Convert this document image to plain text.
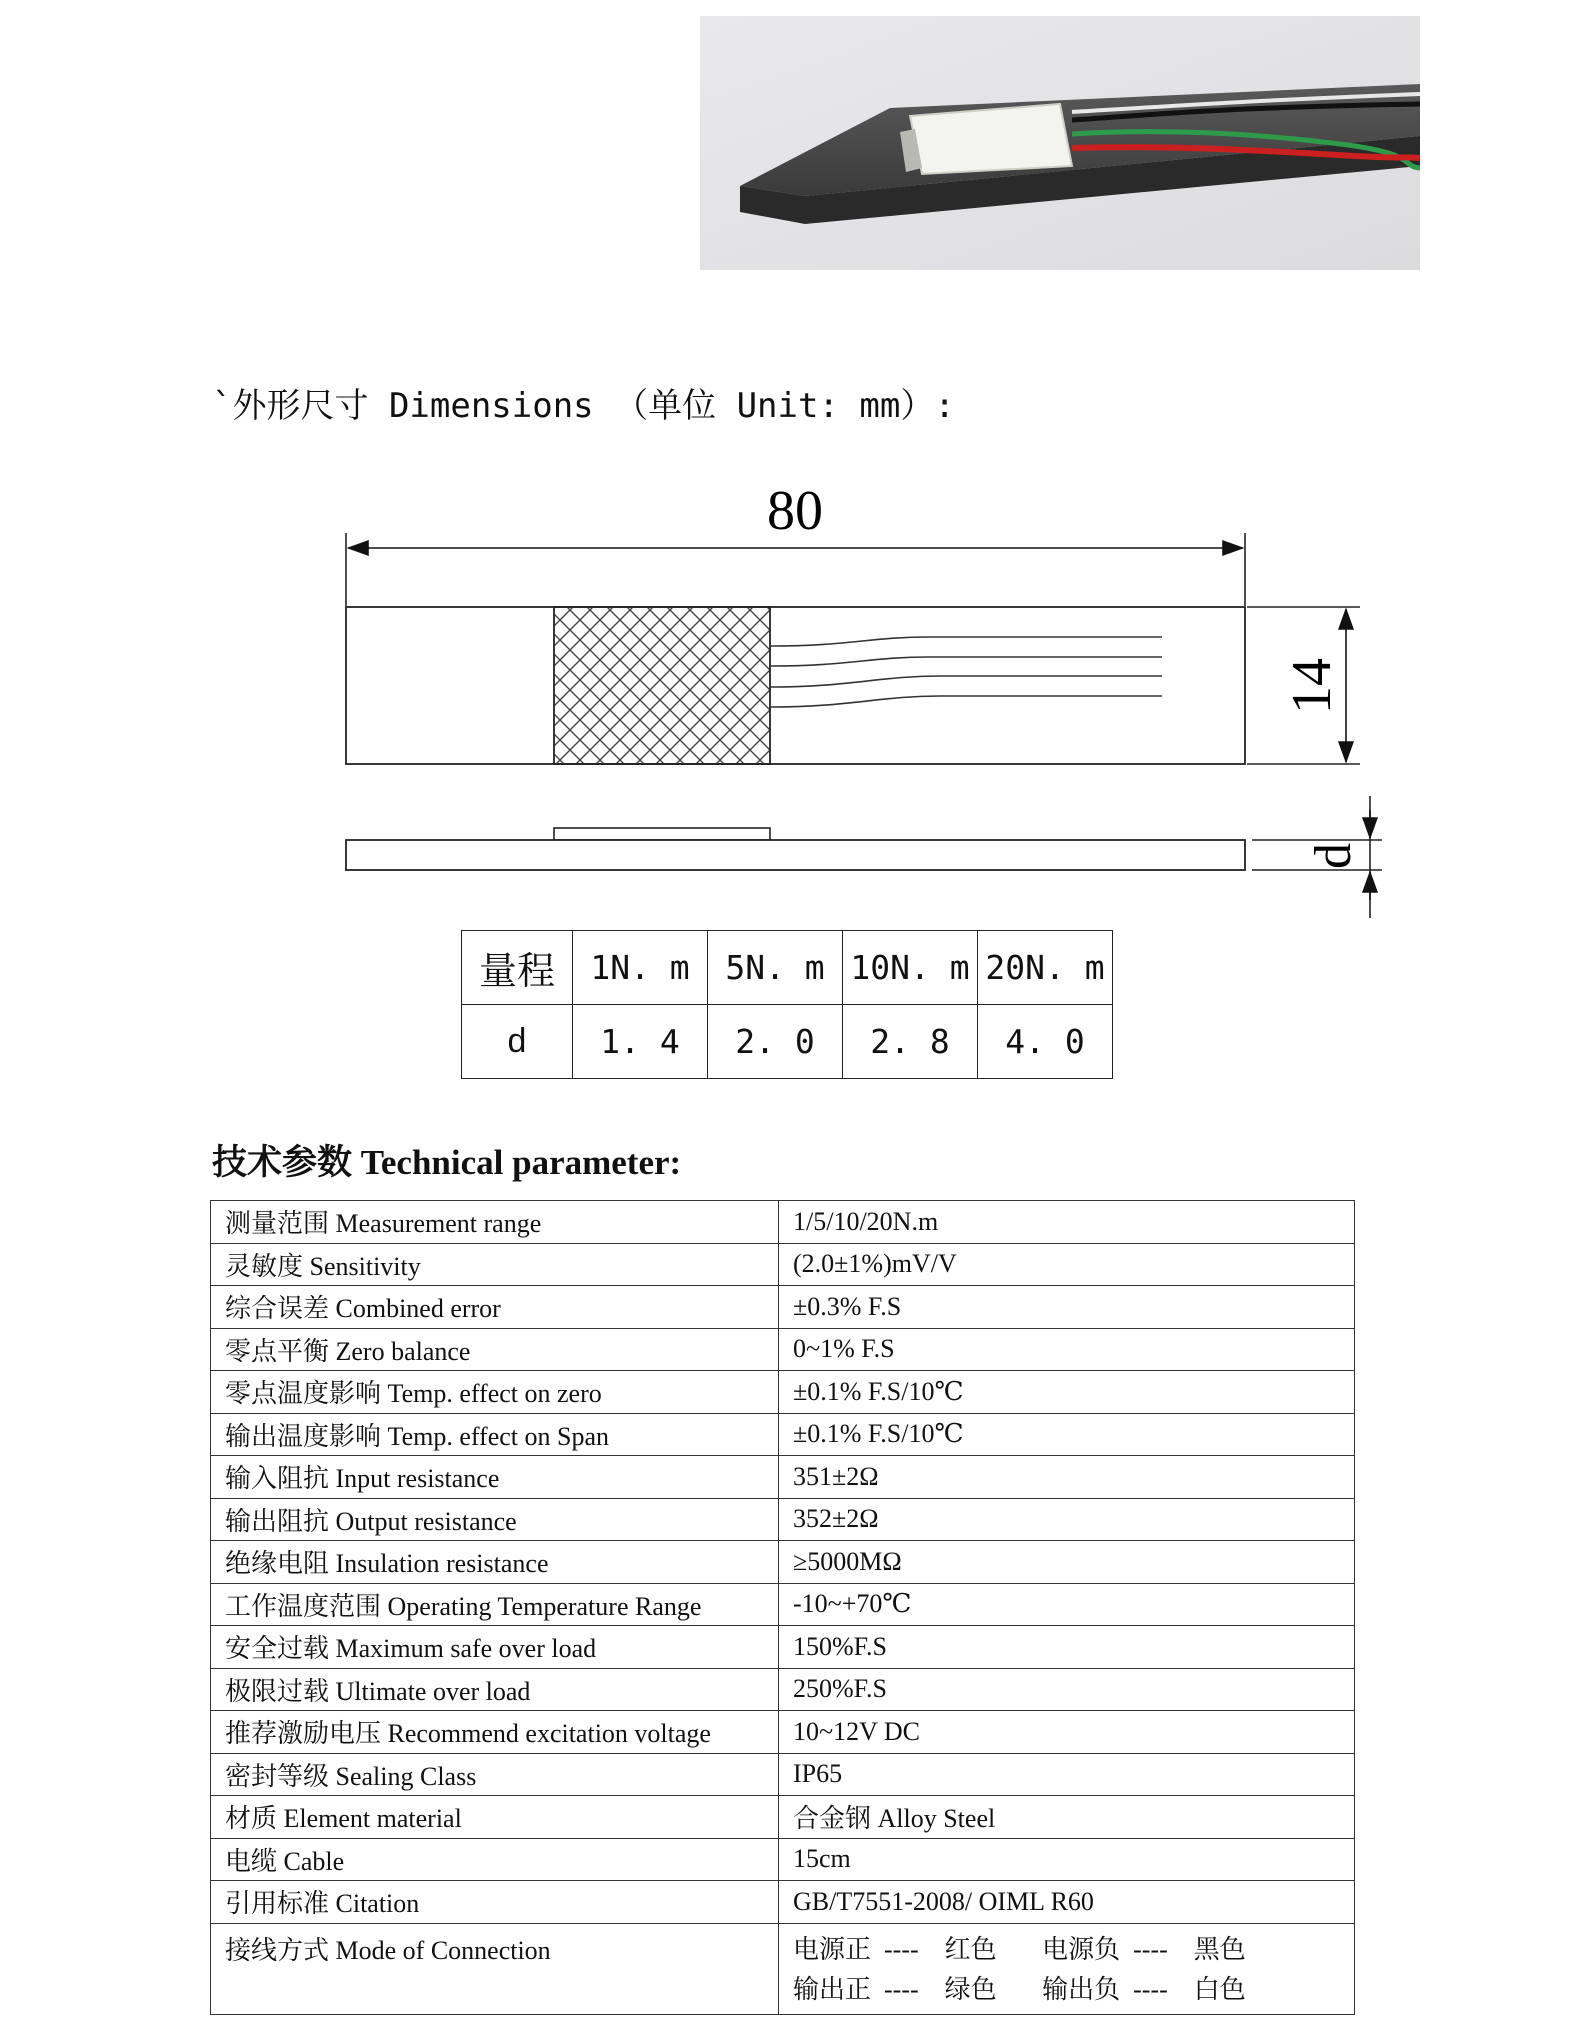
`外形尺寸 Dimensions （单位 Unit: mm）:
80
14
d
量程	1N. m	5N. m	10N. m	20N. m
d	1. 4	2. 0	2. 8	4. 0
技术参数 Technical parameter:
测量范围 Measurement range	1/5/10/20N.m
灵敏度 Sensitivity	(2.0±1%)mV/V
综合误差 Combined error	±0.3% F.S
零点平衡 Zero balance	0~1% F.S
零点温度影响 Temp. effect on zero	±0.1% F.S/10℃
输出温度影响 Temp. effect on Span	±0.1% F.S/10℃
输入阻抗 Input resistance	351±2Ω
输出阻抗 Output resistance	352±2Ω
绝缘电阻 Insulation resistance	≥5000MΩ
工作温度范围 Operating Temperature Range	-10~+70℃
安全过载 Maximum safe over load	150%F.S
极限过载 Ultimate over load	250%F.S
推荐激励电压 Recommend excitation voltage	10~12V DC
密封等级 Sealing Class	IP65
材质 Element material	合金钢 Alloy Steel
电缆 Cable	15cm
引用标准 Citation	GB/T7551-2008/ OIML R60
接线方式 Mode of Connection	电源正  ----    红色       电源负  ----    黑色
输出正  ----    绿色       输出负  ----    白色
